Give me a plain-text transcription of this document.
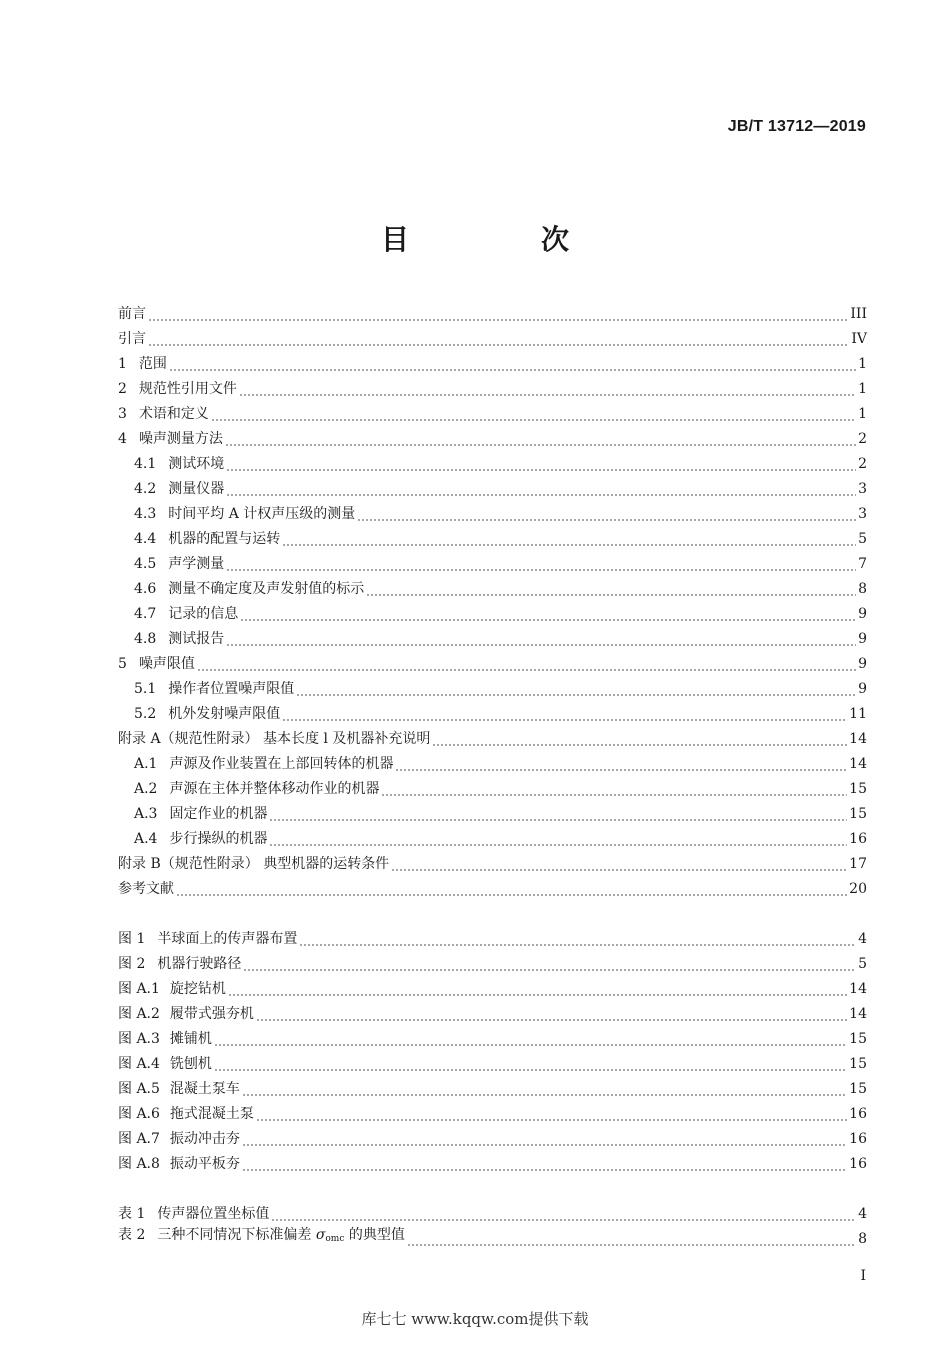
JB/T 13712—2019
目　次
前言	III
引言	IV
1 范围	1
2 规范性引用文件	1
3 术语和定义	1
4 噪声测量方法	2
4.1 测试环境	2
4.2 测量仪器	3
4.3 时间平均 A 计权声压级的测量	3
4.4 机器的配置与运转	5
4.5 声学测量	7
4.6 测量不确定度及声发射值的标示	8
4.7 记录的信息	9
4.8 测试报告	9
5 噪声限值	9
5.1 操作者位置噪声限值	9
5.2 机外发射噪声限值	11
附录 A（规范性附录） 基本长度 l 及机器补充说明	14
A.1 声源及作业装置在上部回转体的机器	14
A.2 声源在主体并整体移动作业的机器	15
A.3 固定作业的机器	15
A.4 步行操纵的机器	16
附录 B（规范性附录） 典型机器的运转条件	17
参考文献	20
图 1 半球面上的传声器布置	4
图 2 机器行驶路径	5
图 A.1 旋挖钻机	14
图 A.2 履带式强夯机	14
图 A.3 摊铺机	15
图 A.4 铣刨机	15
图 A.5 混凝土泵车	15
图 A.6 拖式混凝土泵	16
图 A.7 振动冲击夯	16
图 A.8 振动平板夯	16
表 1 传声器位置坐标值	4
表 2 三种不同情况下标准偏差 $\sigma_{omc}$ 的典型值	8
I
库七七 www.kqqw.com提供下载
